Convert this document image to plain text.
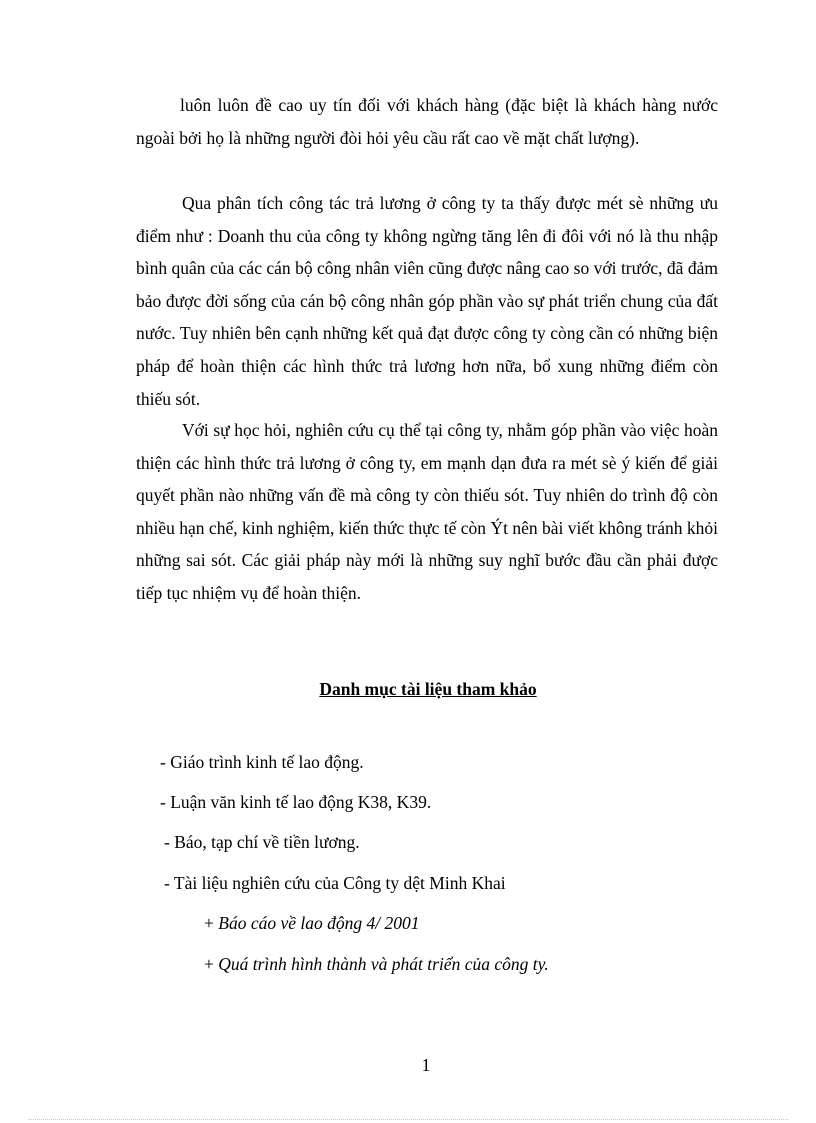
luôn luôn đề cao uy tín đối với khách hàng (đặc biệt là khách hàng nước ngoài bởi họ là những người đòi hỏi yêu cầu rất cao về mặt chất lượng).

Qua phân tích công tác trả lương ở công ty ta thấy được mét sè những ưu điểm như : Doanh thu của công ty không ngừng tăng lên đi đôi với nó là thu nhập bình quân của các cán bộ công nhân viên cũng được nâng cao so với trước, đã đảm bảo được đời sống của cán bộ công nhân góp phần vào sự phát triển chung của đất nước. Tuy nhiên bên cạnh những kết quả đạt được công ty còng cần có những biện pháp để hoàn thiện các hình thức trả lương hơn nữa, bổ xung những điểm còn thiếu sót.

Với sự học hỏi, nghiên cứu cụ thể tại công ty, nhằm góp phần vào việc hoàn thiện các hình thức trả lương ở công ty, em mạnh dạn đưa ra mét sè ý kiến để giải quyết phần nào những vấn đề mà công ty còn thiếu sót. Tuy nhiên do trình độ còn nhiều hạn chế, kinh nghiệm, kiến thức thực tế còn Ýt nên bài viết không tránh khỏi những sai sót. Các giải pháp này mới là những suy nghĩ bước đầu cần phải được tiếp tục nhiệm vụ để hoàn thiện.

Danh mục tài liệu tham khảo

- Giáo trình kinh tế lao động.

- Luận văn kinh tế lao động K38, K39.

- Báo, tạp chí về tiền lương.

- Tài liệu nghiên cứu của Công ty dệt Minh Khai

+ Báo cáo về lao động 4/ 2001

+ Quá trình hình thành và phát triển của công ty.

1
